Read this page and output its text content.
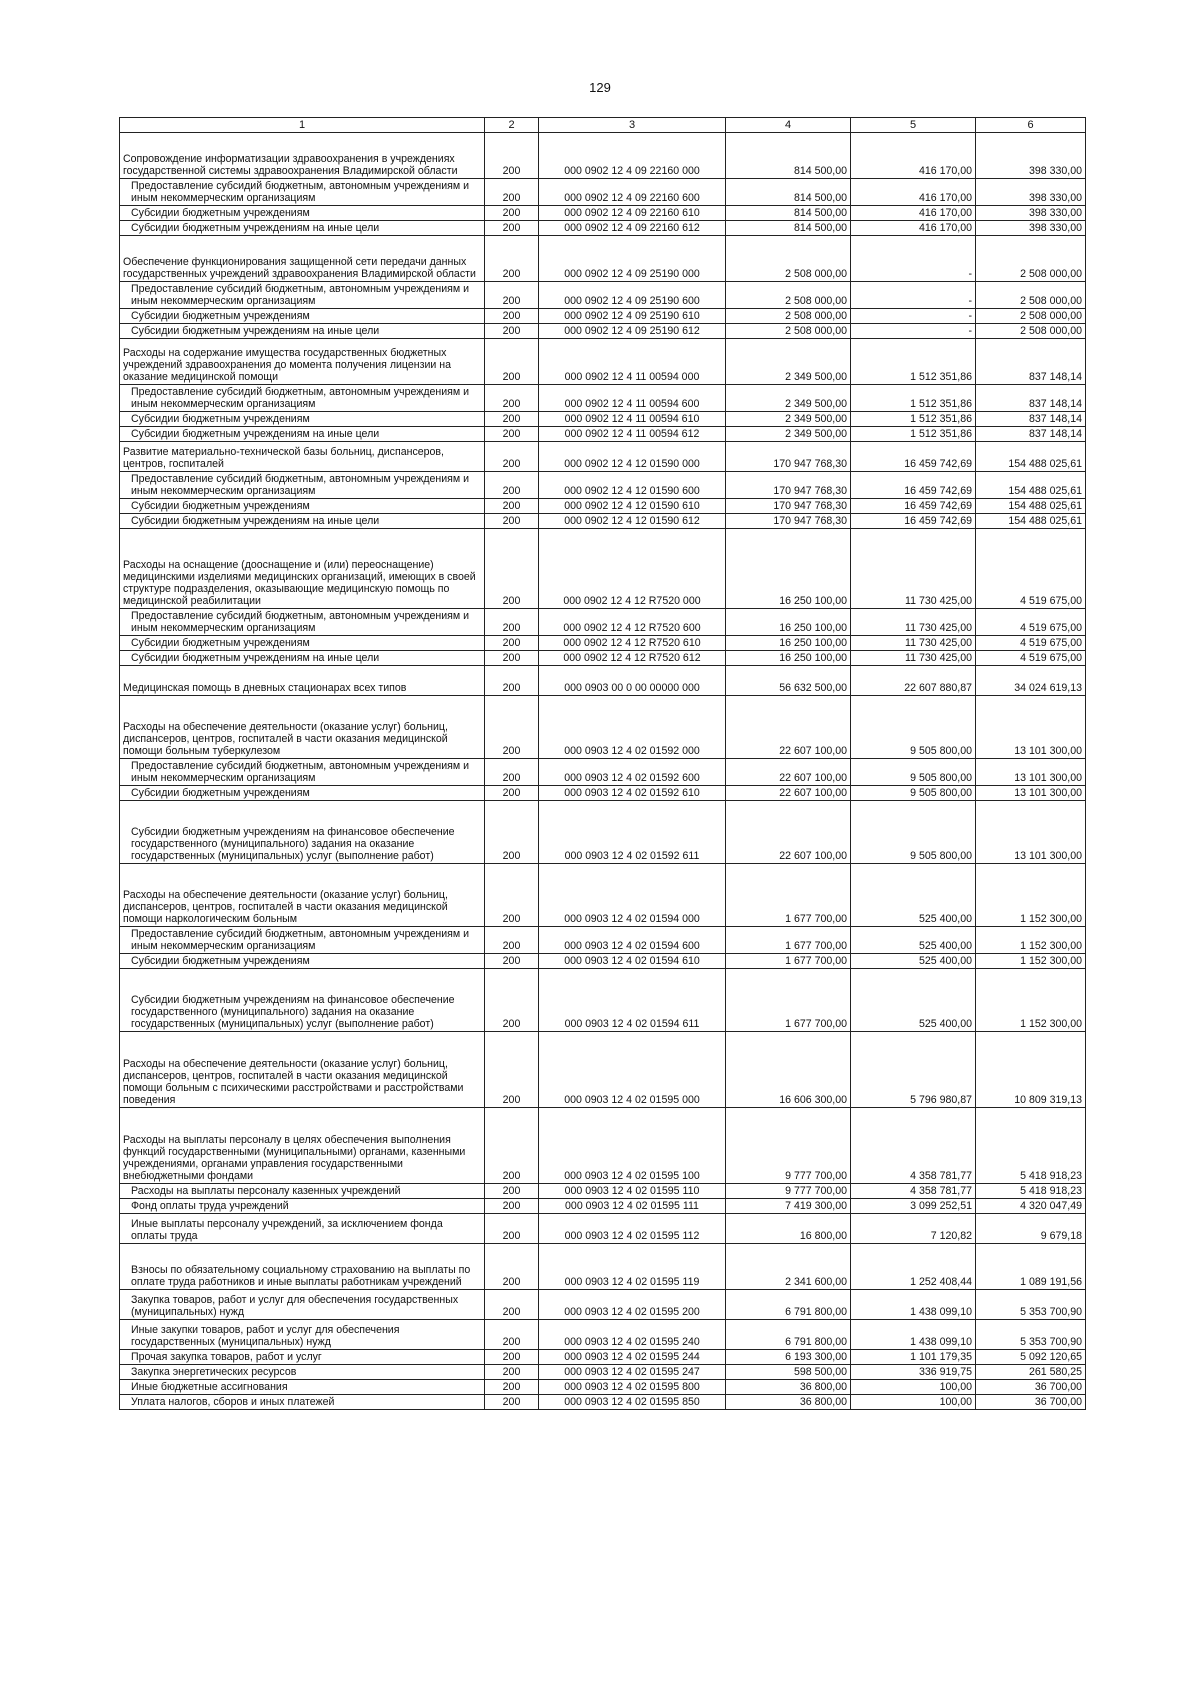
129
1	2	3	4	5	6
Сопровождение информатизации здравоохранения в учреждениях государственной системы здравоохранения Владимирской области	200	000 0902 12 4 09 22160 000	814 500,00	416 170,00	398 330,00
Предоставление субсидий бюджетным, автономным учреждениям и иным некоммерческим организациям	200	000 0902 12 4 09 22160 600	814 500,00	416 170,00	398 330,00
Субсидии бюджетным учреждениям	200	000 0902 12 4 09 22160 610	814 500,00	416 170,00	398 330,00
Субсидии бюджетным учреждениям на иные цели	200	000 0902 12 4 09 22160 612	814 500,00	416 170,00	398 330,00
Обеспечение функционирования защищенной сети передачи данных государственных учреждений здравоохранения Владимирской области	200	000 0902 12 4 09 25190 000	2 508 000,00	-	2 508 000,00
Предоставление субсидий бюджетным, автономным учреждениям и иным некоммерческим организациям	200	000 0902 12 4 09 25190 600	2 508 000,00	-	2 508 000,00
Субсидии бюджетным учреждениям	200	000 0902 12 4 09 25190 610	2 508 000,00	-	2 508 000,00
Субсидии бюджетным учреждениям на иные цели	200	000 0902 12 4 09 25190 612	2 508 000,00	-	2 508 000,00
Расходы на содержание имущества государственных бюджетных учреждений здравоохранения до момента получения лицензии на оказание медицинской помощи	200	000 0902 12 4 11 00594 000	2 349 500,00	1 512 351,86	837 148,14
Предоставление субсидий бюджетным, автономным учреждениям и иным некоммерческим организациям	200	000 0902 12 4 11 00594 600	2 349 500,00	1 512 351,86	837 148,14
Субсидии бюджетным учреждениям	200	000 0902 12 4 11 00594 610	2 349 500,00	1 512 351,86	837 148,14
Субсидии бюджетным учреждениям на иные цели	200	000 0902 12 4 11 00594 612	2 349 500,00	1 512 351,86	837 148,14
Развитие материально-технической базы больниц, диспансеров, центров, госпиталей	200	000 0902 12 4 12 01590 000	170 947 768,30	16 459 742,69	154 488 025,61
Предоставление субсидий бюджетным, автономным учреждениям и иным некоммерческим организациям	200	000 0902 12 4 12 01590 600	170 947 768,30	16 459 742,69	154 488 025,61
Субсидии бюджетным учреждениям	200	000 0902 12 4 12 01590 610	170 947 768,30	16 459 742,69	154 488 025,61
Субсидии бюджетным учреждениям на иные цели	200	000 0902 12 4 12 01590 612	170 947 768,30	16 459 742,69	154 488 025,61
Расходы на оснащение (дооснащение и (или) переоснащение) медицинскими изделиями медицинских организаций, имеющих в своей структуре подразделения, оказывающие медицинскую помощь по медицинской реабилитации	200	000 0902 12 4 12 R7520 000	16 250 100,00	11 730 425,00	4 519 675,00
Предоставление субсидий бюджетным, автономным учреждениям и иным некоммерческим организациям	200	000 0902 12 4 12 R7520 600	16 250 100,00	11 730 425,00	4 519 675,00
Субсидии бюджетным учреждениям	200	000 0902 12 4 12 R7520 610	16 250 100,00	11 730 425,00	4 519 675,00
Субсидии бюджетным учреждениям на иные цели	200	000 0902 12 4 12 R7520 612	16 250 100,00	11 730 425,00	4 519 675,00
Медицинская помощь в дневных стационарах всех типов	200	000 0903 00 0 00 00000 000	56 632 500,00	22 607 880,87	34 024 619,13
Расходы на обеспечение деятельности (оказание услуг) больниц, диспансеров, центров, госпиталей в части оказания медицинской помощи больным туберкулезом	200	000 0903 12 4 02 01592 000	22 607 100,00	9 505 800,00	13 101 300,00
Предоставление субсидий бюджетным, автономным учреждениям и иным некоммерческим организациям	200	000 0903 12 4 02 01592 600	22 607 100,00	9 505 800,00	13 101 300,00
Субсидии бюджетным учреждениям	200	000 0903 12 4 02 01592 610	22 607 100,00	9 505 800,00	13 101 300,00
Субсидии бюджетным учреждениям на финансовое обеспечение государственного (муниципального) задания на оказание государственных (муниципальных) услуг (выполнение работ)	200	000 0903 12 4 02 01592 611	22 607 100,00	9 505 800,00	13 101 300,00
Расходы на обеспечение деятельности (оказание услуг) больниц, диспансеров, центров, госпиталей в части оказания медицинской помощи наркологическим больным	200	000 0903 12 4 02 01594 000	1 677 700,00	525 400,00	1 152 300,00
Предоставление субсидий бюджетным, автономным учреждениям и иным некоммерческим организациям	200	000 0903 12 4 02 01594 600	1 677 700,00	525 400,00	1 152 300,00
Субсидии бюджетным учреждениям	200	000 0903 12 4 02 01594 610	1 677 700,00	525 400,00	1 152 300,00
Субсидии бюджетным учреждениям на финансовое обеспечение государственного (муниципального) задания на оказание государственных (муниципальных) услуг (выполнение работ)	200	000 0903 12 4 02 01594 611	1 677 700,00	525 400,00	1 152 300,00
Расходы на обеспечение деятельности (оказание услуг) больниц, диспансеров, центров, госпиталей в части оказания медицинской помощи больным с психическими расстройствами и расстройствами поведения	200	000 0903 12 4 02 01595 000	16 606 300,00	5 796 980,87	10 809 319,13
Расходы на выплаты персоналу в целях обеспечения выполнения функций государственными (муниципальными) органами, казенными учреждениями, органами управления государственными внебюджетными фондами	200	000 0903 12 4 02 01595 100	9 777 700,00	4 358 781,77	5 418 918,23
Расходы на выплаты персоналу казенных учреждений	200	000 0903 12 4 02 01595 110	9 777 700,00	4 358 781,77	5 418 918,23
Фонд оплаты труда учреждений	200	000 0903 12 4 02 01595 111	7 419 300,00	3 099 252,51	4 320 047,49
Иные выплаты персоналу учреждений, за исключением фонда оплаты труда	200	000 0903 12 4 02 01595 112	16 800,00	7 120,82	9 679,18
Взносы по обязательному социальному страхованию на выплаты по оплате труда работников и иные выплаты работникам учреждений	200	000 0903 12 4 02 01595 119	2 341 600,00	1 252 408,44	1 089 191,56
Закупка товаров, работ и услуг для обеспечения государственных (муниципальных) нужд	200	000 0903 12 4 02 01595 200	6 791 800,00	1 438 099,10	5 353 700,90
Иные закупки товаров, работ и услуг для обеспечения государственных (муниципальных) нужд	200	000 0903 12 4 02 01595 240	6 791 800,00	1 438 099,10	5 353 700,90
Прочая закупка товаров, работ и услуг	200	000 0903 12 4 02 01595 244	6 193 300,00	1 101 179,35	5 092 120,65
Закупка энергетических ресурсов	200	000 0903 12 4 02 01595 247	598 500,00	336 919,75	261 580,25
Иные бюджетные ассигнования	200	000 0903 12 4 02 01595 800	36 800,00	100,00	36 700,00
Уплата налогов, сборов и иных платежей	200	000 0903 12 4 02 01595 850	36 800,00	100,00	36 700,00
